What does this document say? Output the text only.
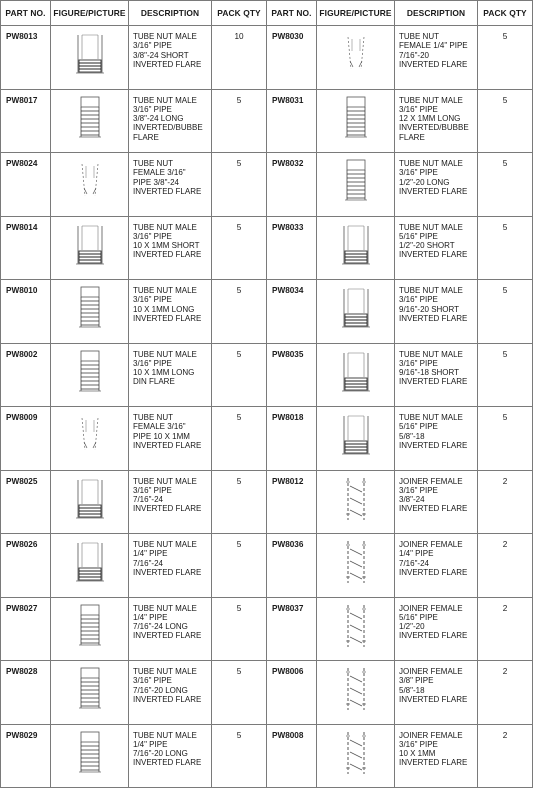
PART NO.	FIGURE/PICTURE	DESCRIPTION	PACK QTY	PART NO.	FIGURE/PICTURE	DESCRIPTION	PACK QTY
PW8013		TUBE NUT MALE
3/16" PIPE
3/8"-24 SHORT
INVERTED FLARE	10	PW8030		TUBE NUT
FEMALE 1/4" PIPE
7/16"-20
INVERTED FLARE	5
PW8017		TUBE NUT MALE
3/16" PIPE
3/8"-24 LONG
INVERTED/BUBBE
FLARE	5	PW8031		TUBE NUT MALE
3/16" PIPE
12 X 1MM LONG
INVERTED/BUBBE
FLARE	5
PW8024		TUBE NUT
FEMALE 3/16"
PIPE 3/8"-24
INVERTED FLARE	5	PW8032		TUBE NUT MALE
3/16" PIPE
1/2"-20 LONG
INVERTED FLARE	5
PW8014		TUBE NUT MALE
3/16" PIPE
10 X 1MM SHORT
INVERTED FLARE	5	PW8033		TUBE NUT MALE
5/16" PIPE
1/2"-20 SHORT
INVERTED FLARE	5
PW8010		TUBE NUT MALE
3/16" PIPE
10 X 1MM LONG
INVERTED FLARE	5	PW8034		TUBE NUT MALE
3/16" PIPE
9/16"-20 SHORT
INVERTED FLARE	5
PW8002		TUBE NUT MALE
3/16" PIPE
10 X 1MM LONG
DIN FLARE	5	PW8035		TUBE NUT MALE
3/16" PIPE
9/16"-18 SHORT
INVERTED FLARE	5
PW8009		TUBE NUT
FEMALE 3/16"
PIPE 10 X 1MM
INVERTED FLARE	5	PW8018		TUBE NUT MALE
5/16" PIPE
5/8"-18
INVERTED FLARE	5
PW8025		TUBE NUT MALE
3/16" PIPE
7/16"-24
INVERTED FLARE	5	PW8012		JOINER FEMALE
3/16" PIPE
3/8"-24
INVERTED FLARE	2
PW8026		TUBE NUT MALE
1/4" PIPE
7/16"-24
INVERTED FLARE	5	PW8036		JOINER FEMALE
1/4" PIPE
7/16"-24
INVERTED FLARE	2
PW8027		TUBE NUT MALE
1/4" PIPE
7/16"-24 LONG
INVERTED FLARE	5	PW8037		JOINER FEMALE
5/16" PIPE
1/2"-20
INVERTED FLARE	2
PW8028		TUBE NUT MALE
3/16" PIPE
7/16"-20 LONG
INVERTED FLARE	5	PW8006		JOINER FEMALE
3/8" PIPE
5/8"-18
INVERTED FLARE	2
PW8029		TUBE NUT MALE
1/4" PIPE
7/16"-20 LONG
INVERTED FLARE	5	PW8008		JOINER FEMALE
3/16" PIPE
10 X 1MM
INVERTED FLARE	2
